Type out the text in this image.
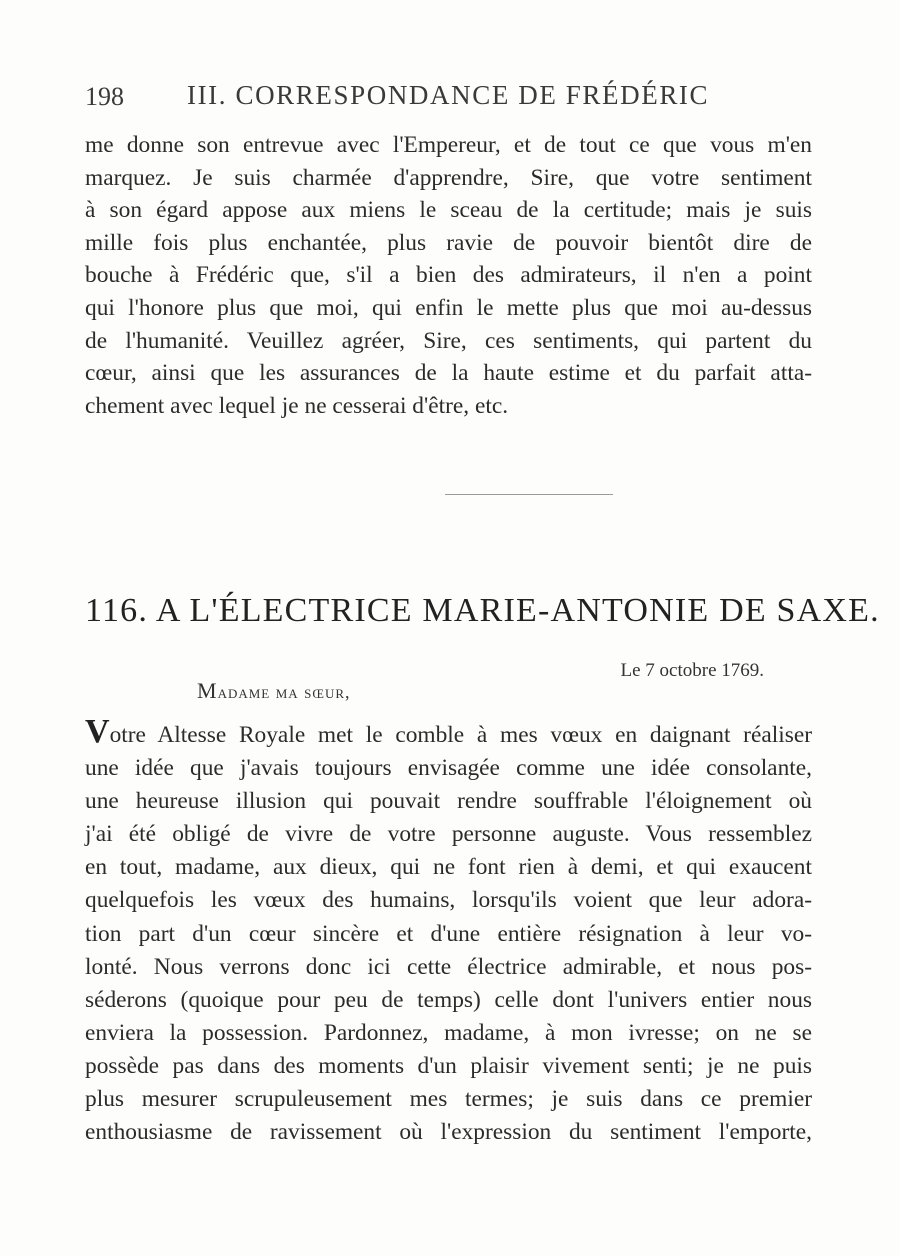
198 III. CORRESPONDANCE DE FRÉDÉRIC
me donne son entrevue avec l'Empereur, et de tout ce que vous m'en
marquez. Je suis charmée d'apprendre, Sire, que votre sentiment
à son égard appose aux miens le sceau de la certitude; mais je suis
mille fois plus enchantée, plus ravie de pouvoir bientôt dire de
bouche à Frédéric que, s'il a bien des admirateurs, il n'en a point
qui l'honore plus que moi, qui enfin le mette plus que moi au-dessus
de l'humanité. Veuillez agréer, Sire, ces sentiments, qui partent du
cœur, ainsi que les assurances de la haute estime et du parfait atta-
chement avec lequel je ne cesserai d'être, etc.
116. A L'ÉLECTRICE MARIE-ANTONIE DE SAXE.
Le 7 octobre 1769.
Madame ma sœur,
Votre Altesse Royale met le comble à mes vœux en daignant réaliser
une idée que j'avais toujours envisagée comme une idée consolante,
une heureuse illusion qui pouvait rendre souffrable l'éloignement où
j'ai été obligé de vivre de votre personne auguste. Vous ressemblez
en tout, madame, aux dieux, qui ne font rien à demi, et qui exaucent
quelquefois les vœux des humains, lorsqu'ils voient que leur adora-
tion part d'un cœur sincère et d'une entière résignation à leur vo-
lonté. Nous verrons donc ici cette électrice admirable, et nous pos-
séderons (quoique pour peu de temps) celle dont l'univers entier nous
enviera la possession. Pardonnez, madame, à mon ivresse; on ne se
possède pas dans des moments d'un plaisir vivement senti; je ne puis
plus mesurer scrupuleusement mes termes; je suis dans ce premier
enthousiasme de ravissement où l'expression du sentiment l'emporte,
